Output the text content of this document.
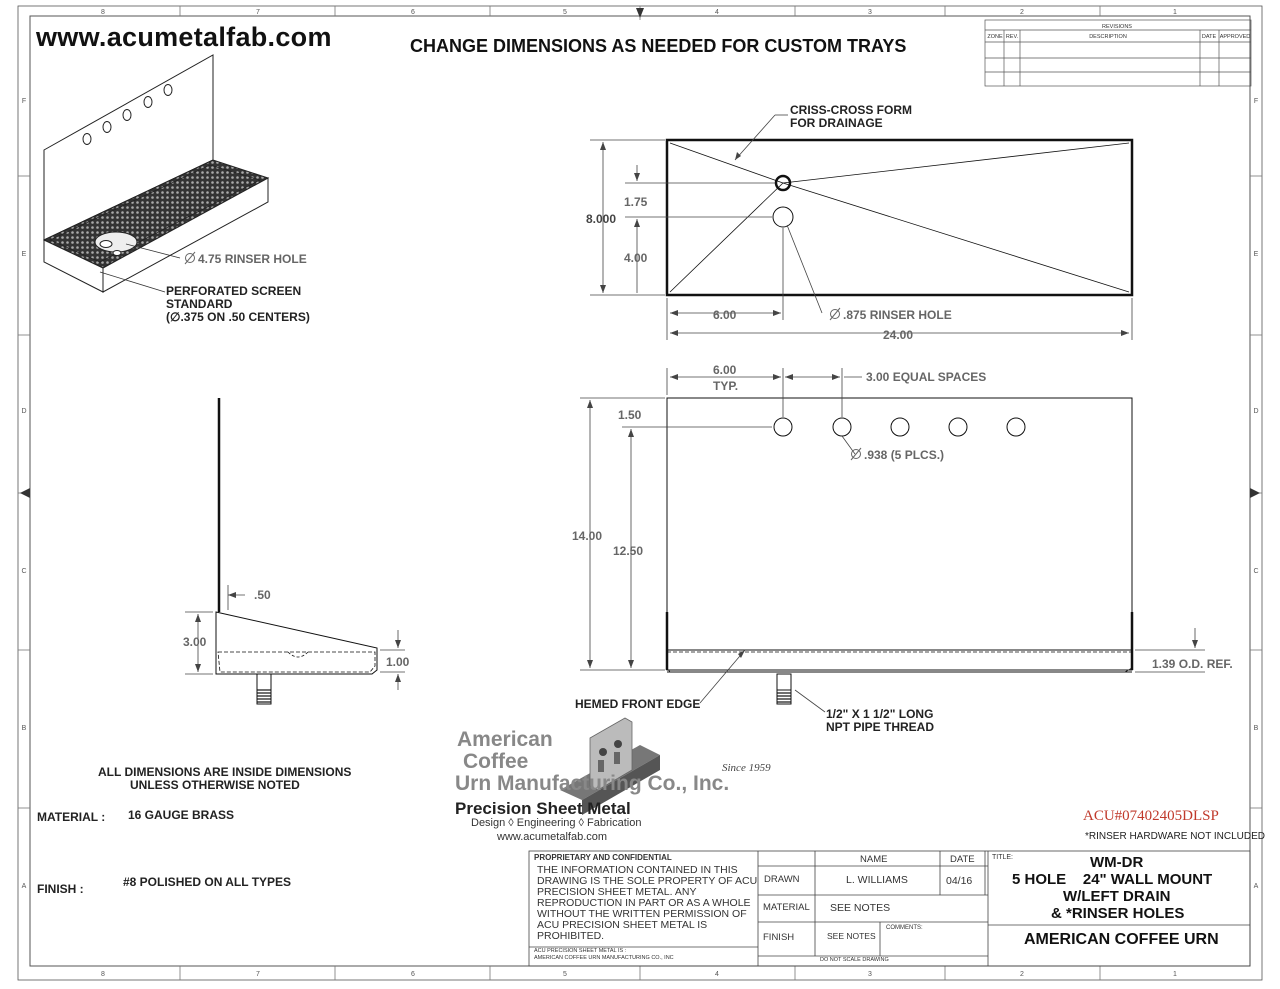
8	7	6	5	4	3	2	1
8	7	6	5	4	3	2	1
F
E
D
C
B
A
F
E
D
C
B
A
REVISIONS
ZONE REV.	DESCRIPTION	DATE APPROVED
www.acumetalfab.com	CHANGE DIMENSIONS AS NEEDED FOR CUSTOM TRAYS
4.75 RINSER HOLE
PERFORATED SCREEN
STANDARD
(∅.375 ON .50 CENTERS)
CRISS-CROSS FORM
FOR DRAINAGE
8.000
1.75
4.00
6.00
24.00
.875 RINSER HOLE
6.00
TYP.
3.00 EQUAL SPACES
1.50
.938 (5 PLCS.)
14.00
12.50
1.39 O.D. REF.
HEMED FRONT EDGE
1/2" X 1 1/2" LONG
NPT PIPE THREAD
.50
3.00
1.00
ALL DIMENSIONS ARE INSIDE DIMENSIONS
UNLESS OTHERWISE NOTED
MATERIAL : 16 GAUGE BRASS
FINISH :	#8 POLISHED ON ALL TYPES
American
Coffee
Urn Manufacturing Co., Inc.
Since 1959
Precision Sheet Metal
Design ◊ Engineering ◊ Fabrication
www.acumetalfab.com
ACU#07402405DLSP
*RINSER HARDWARE NOT INCLUDED
PROPRIETARY AND CONFIDENTIAL
THE INFORMATION CONTAINED IN THIS DRAWING IS THE SOLE PROPERTY OF ACU PRECISION SHEET METAL. ANY REPRODUCTION IN PART OR AS A WHOLE WITHOUT THE WRITTEN PERMISSION OF ACU PRECISION SHEET METAL IS PROHIBITED.
ACU PRECISION SHEET METAL IS :
AMERICAN COFFEE URN MANUFACTURING CO., INC
NAME	DATE
DRAWN	L. WILLIAMS	04/16
MATERIAL SEE NOTES
FINISH	SEE NOTES
COMMENTS:
DO NOT SCALE DRAWING
TITLE:	WM-DR
5 HOLE    24" WALL MOUNT
W/LEFT DRAIN
& *RINSER HOLES
AMERICAN COFFEE URN
